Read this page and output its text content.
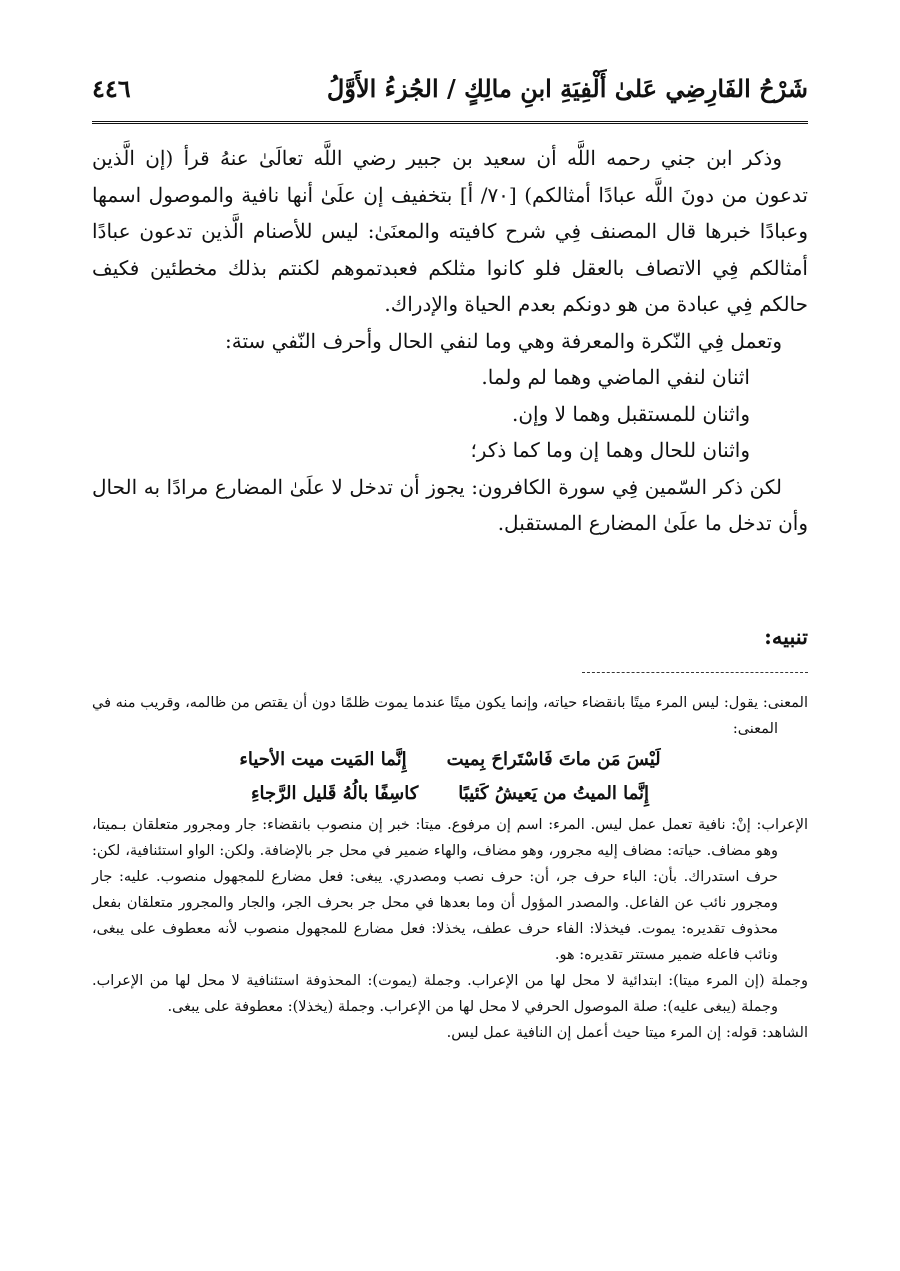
شَرْحُ الفَارِضِي عَلىٰ أَلْفِيَةِ ابنِ مالِكٍ / الجُزءُ الأَوَّلُ
٤٤٦

وذكر ابن جني رحمه اللَّه أن سعيد بن جبير رضي اللَّه تعالَىٰ عنهُ قرأ (إن الَّذين تدعون من دونَ اللَّه عبادًا أمثالكم) [٧٠/ أ] بتخفيف إن علَىٰ أنها نافية والموصول اسمها وعبادًا خبرها قال المصنف فِي شرح كافيته والمعنَىٰ: ليس للأصنام الَّذين تدعون عبادًا أمثالكم فِي الاتصاف بالعقل فلو كانوا مثلكم فعبدتموهم لكنتم بذلك مخطئين فكيف حالكم فِي عبادة من هو دونكم بعدم الحياة والإدراك.

وتعمل فِي النّكرة والمعرفة وهي وما لنفي الحال وأحرف النّفي ستة:

اثنان لنفي الماضي وهما لم ولما.

واثنان للمستقبل وهما لا وإن.

واثنان للحال وهما إن وما كما ذكر؛

لكن ذكر السّمين فِي سورة الكافرون: يجوز أن تدخل لا علَىٰ المضارع مرادًا به الحال وأن تدخل ما علَىٰ المضارع المستقبل.

تنبيه:

المعنى: يقول: ليس المرء ميتًا بانقضاء حياته، وإنما يكون ميتًا عندما يموت ظلمًا دون أن يقتص من ظالمه، وقريب منه في المعنى:

لَيْسَ مَن ماتَ فَاسْتَراحَ بِميت
إِنَّما المَيت ميت الأحياء
إِنَّما الميتُ من يَعيشُ كَئيبًا
كاسِفًا بالُهُ قَليل الرَّجاءِ

الإعراب: إنْ: نافية تعمل عمل ليس. المرء: اسم إن مرفوع. ميتا: خبر إن منصوب بانقضاء: جار ومجرور متعلقان بـميتا، وهو مضاف. حياته: مضاف إليه مجرور، وهو مضاف، والهاء ضمير في محل جر بالإضافة. ولكن: الواو استئنافية، لكن: حرف استدراك. بأن: الباء حرف جر، أن: حرف نصب ومصدري. يبغى: فعل مضارع للمجهول منصوب. عليه: جار ومجرور نائب عن الفاعل. والمصدر المؤول أن وما بعدها في محل جر بحرف الجر، والجار والمجرور متعلقان بفعل محذوف تقديره: يموت. فيخذلا: الفاء حرف عطف، يخذلا: فعل مضارع للمجهول منصوب لأنه معطوف على يبغى، ونائب فاعله ضمير مستتر تقديره: هو.

وجملة (إن المرء ميتا): ابتدائية لا محل لها من الإعراب. وجملة (يموت): المحذوفة استئنافية لا محل لها من الإعراب. وجملة (يبغى عليه): صلة الموصول الحرفي لا محل لها من الإعراب. وجملة (يخذلا): معطوفة على يبغى.

الشاهد: قوله: إن المرء ميتا حيث أعمل إن النافية عمل ليس.
